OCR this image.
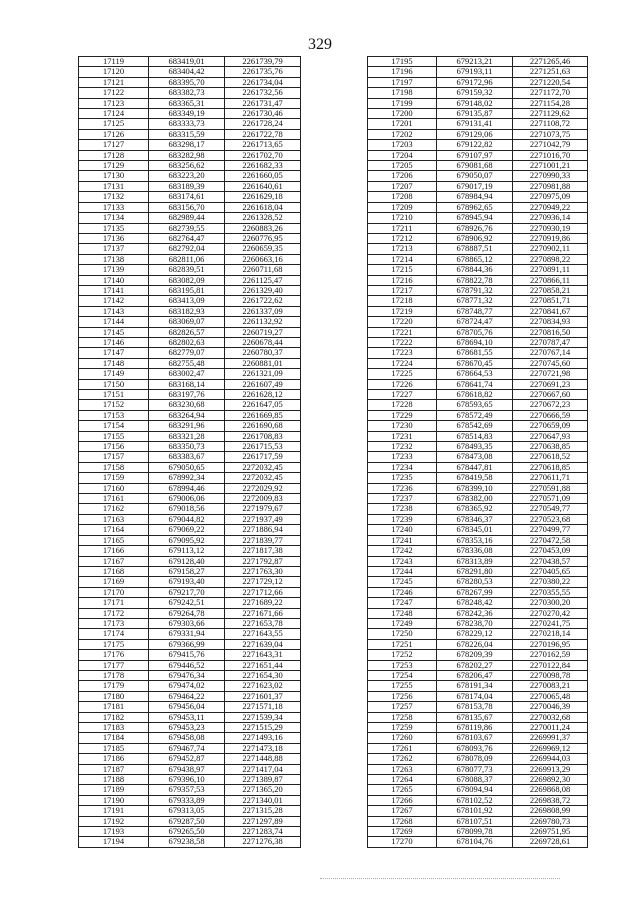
329
17119	683419,01	2261739,79
17120	683404,42	2261735,76
17121	683395,70	2261734,04
17122	683382,73	2261732,56
17123	683365,31	2261731,47
17124	683349,19	2261730,46
17125	683333,73	2261728,24
17126	683315,59	2261722,78
17127	683298,17	2261713,65
17128	683282,98	2261702,70
17129	683256,62	2261682,33
17130	683223,20	2261660,05
17131	683189,39	2261640,61
17132	683174,61	2261629,18
17133	683156,70	2261618,04
17134	682989,44	2261328,52
17135	682739,55	2260883,26
17136	682764,47	2260776,95
17137	682792,04	2260659,35
17138	682811,06	2260663,16
17139	682839,51	2260711,68
17140	683082,09	2261125,47
17141	683195,81	2261329,40
17142	683413,09	2261722,62
17143	683182,93	2261337,09
17144	683069,07	2261132,92
17145	682826,57	2260719,27
17146	682802,63	2260678,44
17147	682779,07	2260780,37
17148	682755,48	2260881,01
17149	683002,47	2261321,09
17150	683168,14	2261607,49
17151	683197,76	2261628,12
17152	683230,68	2261647,05
17153	683264,94	2261669,85
17154	683291,96	2261690,68
17155	683321,28	2261708,83
17156	683350,73	2261715,53
17157	683383,67	2261717,59
17158	679050,65	2272032,45
17159	678992,34	2272032,45
17160	678994,46	2272029,92
17161	679006,06	2272009,83
17162	679018,56	2271979,67
17163	679044,82	2271937,49
17164	679069,22	2271886,94
17165	679095,92	2271839,77
17166	679113,12	2271817,38
17167	679128,40	2271792,87
17168	679158,27	2271763,30
17169	679193,40	2271729,12
17170	679217,70	2271712,66
17171	679242,51	2271689,22
17172	679264,78	2271671,66
17173	679303,66	2271653,78
17174	679331,94	2271643,55
17175	679366,99	2271639,04
17176	679415,76	2271643,31
17177	679446,52	2271651,44
17178	679476,34	2271654,30
17179	679474,02	2271623,02
17180	679464,22	2271601,37
17181	679456,04	2271571,18
17182	679453,11	2271539,34
17183	679453,23	2271515,29
17184	679458,08	2271493,16
17185	679467,74	2271473,18
17186	679452,87	2271448,88
17187	679438,97	2271417,04
17188	679396,10	2271389,87
17189	679357,53	2271365,20
17190	679333,89	2271340,01
17191	679313,05	2271315,28
17192	679287,50	2271297,89
17193	679265,50	2271283,74
17194	679238,58	2271276,38
17195	679213,21	2271265,46
17196	679193,11	2271251,63
17197	679172,96	2271220,54
17198	679159,32	2271172,70
17199	679148,02	2271154,28
17200	679135,87	2271129,62
17201	679131,41	2271108,72
17202	679129,06	2271073,75
17203	679122,82	2271042,79
17204	679107,97	2271016,70
17205	679081,68	2271001,21
17206	679050,07	2270990,33
17207	679017,19	2270981,88
17208	678984,94	2270975,09
17209	678962,65	2270949,22
17210	678945,94	2270936,14
17211	678926,76	2270930,19
17212	678906,92	2270919,86
17213	678887,51	2270902,11
17214	678865,12	2270898,22
17215	678844,36	2270891,11
17216	678822,78	2270866,11
17217	678791,32	2270858,21
17218	678771,32	2270851,71
17219	678748,77	2270841,67
17220	678724,47	2270834,93
17221	678705,76	2270816,50
17222	678694,10	2270787,47
17223	678681,55	2270767,14
17224	678670,45	2270745,60
17225	678664,53	2270721,98
17226	678641,74	2270691,23
17227	678618,82	2270667,60
17228	678593,65	2270672,23
17229	678572,49	2270666,59
17230	678542,69	2270659,09
17231	678514,83	2270647,93
17232	678493,35	2270638,85
17233	678473,08	2270618,52
17234	678447,81	2270618,85
17235	678419,58	2270611,71
17236	678399,10	2270591,88
17237	678382,00	2270571,09
17238	678365,92	2270549,77
17239	678346,37	2270523,68
17240	678345,01	2270499,77
17241	678353,16	2270472,58
17242	678336,08	2270453,09
17243	678313,89	2270438,57
17244	678291,80	2270405,65
17245	678280,53	2270380,22
17246	678267,99	2270355,55
17247	678248,42	2270300,20
17248	678242,36	2270270,42
17249	678238,70	2270241,75
17250	678229,12	2270218,14
17251	678226,04	2270196,95
17252	678209,39	2270162,59
17253	678202,27	2270122,84
17254	678206,47	2270098,78
17255	678191,34	2270083,21
17256	678174,04	2270065,48
17257	678153,78	2270046,39
17258	678135,67	2270032,68
17259	678119,86	2270011,24
17260	678103,67	2269991,37
17261	678093,76	2269969,12
17262	678078,09	2269944,03
17263	678077,73	2269913,29
17264	678088,37	2269892,30
17265	678094,94	2269868,08
17266	678102,52	2269838,72
17267	678101,92	2269808,99
17268	678107,51	2269780,73
17269	678099,78	2269751,95
17270	678104,76	2269728,61
